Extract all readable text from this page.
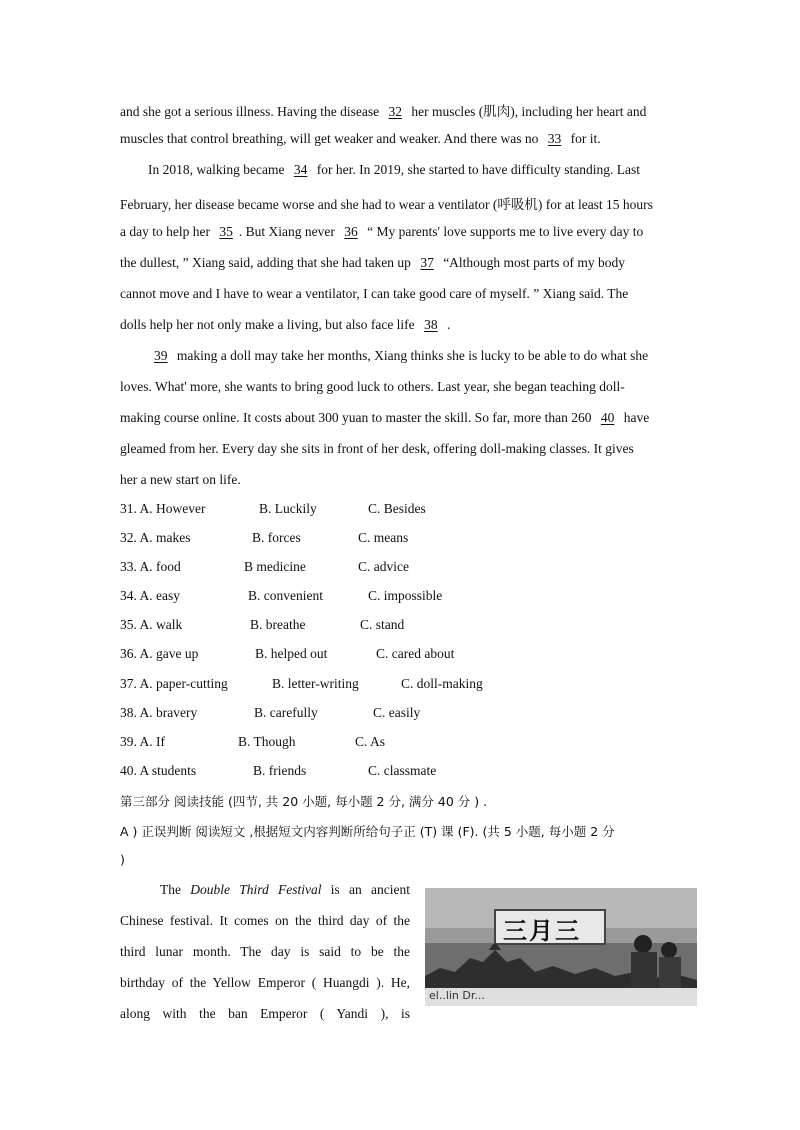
and she got a serious illness. Having the disease 32 her muscles (肌肉), including her heart and
muscles that control breathing, will get weaker and weaker. And there was no 33 for it.
In 2018, walking became 34 for her. In 2019, she started to have difficulty standing. Last
February, her disease became worse and she had to wear a ventilator (呼吸机) for at least 15 hours
a day to help her 35 . But Xiang never 36 “ My parents' love supports me to live every day to
the dullest, ” Xiang said, adding that she had taken up 37 “Although most parts of my body
cannot move and I have to wear a ventilator, I can take good care of myself. ” Xiang said. The
dolls help her not only make a living, but also face life 38 .
39 making a doll may take her months, Xiang thinks she is lucky to be able to do what she
loves. What' more, she wants to bring good luck to others. Last year, she began teaching doll-
making course online. It costs about 300 yuan to master the skill. So far, more than 260 40 have
gleamed from her. Every day she sits in front of her desk, offering doll-making classes. It gives
her a new start on life.
31. A. However	B. Luckily	C. Besides
32. A. makes	B. forces	C. means
33. A. food	B medicine	C. advice
34. A. easy	B. convenient	C. impossible
35. A. walk	B. breathe	C. stand
36. A. gave up	B. helped out	C. cared about
37. A. paper-cutting	B. letter-writing	C. doll-making
38. A. bravery	B. carefully	C. easily
39. A. If	B. Though	C. As
40. A students	B. friends	C. classmate
第三部分 阅读技能 (四节, 共 20 小题, 每小题 2 分, 满分 40 分 ) .
A ) 正误判断 阅读短文 ,根据短文内容判断所给句子正 (T) 课 (F). (共 5 小题, 每小题 2 分
)
The Double Third Festival is an ancient
Chinese festival. It comes on the third day of the
third lunar month. The day is said to be the
birthday of the Yellow Emperor ( Huangdi ). He,
along with the ban Emperor ( Yandi ), is
三月三
el..lin Dr...
